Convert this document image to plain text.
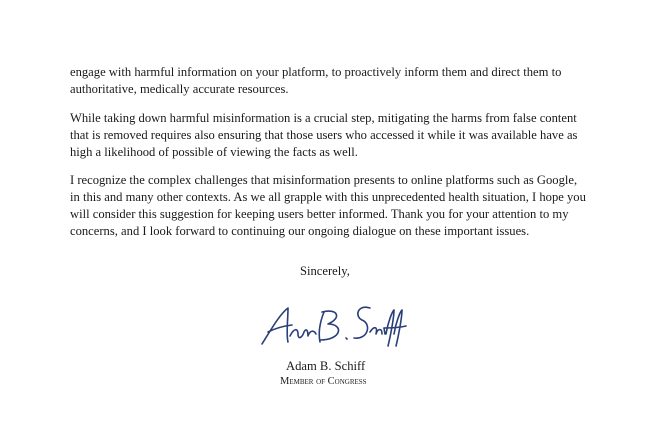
engage with harmful information on your platform, to proactively inform them and direct them to authoritative, medically accurate resources.

While taking down harmful misinformation is a crucial step, mitigating the harms from false content that is removed requires also ensuring that those users who accessed it while it was available have as high a likelihood of possible of viewing the facts as well.

I recognize the complex challenges that misinformation presents to online platforms such as Google, in this and many other contexts. As we all grapple with this unprecedented health situation, I hope you will consider this suggestion for keeping users better informed. Thank you for your attention to my concerns, and I look forward to continuing our ongoing dialogue on these important issues.

Sincerely,

Adam B. Schiff

Member of Congress
